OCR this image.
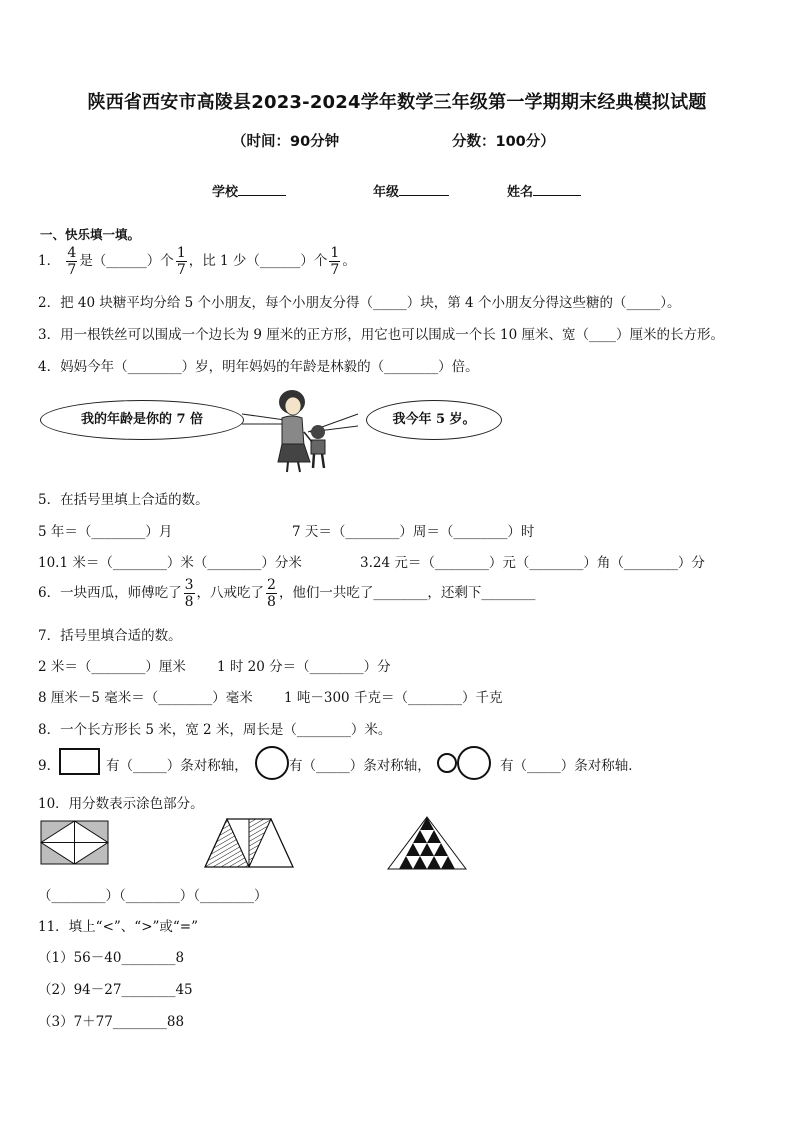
陕西省西安市高陵县2023-2024学年数学三年级第一学期期末经典模拟试题
（时间：90分钟	分数：100分）
学校	年级	姓名
一、快乐填一填。
1． $\frac{4}{7}$ 是（______）个 $\frac{1}{7}$ ，比 1 少（______）个 $\frac{1}{7}$ 。
2．把 40 块糖平均分给 5 个小朋友，每个小朋友分得（_____）块，第 4 个小朋友分得这些糖的（_____）。
3．用一根铁丝可以围成一个边长为 9 厘米的正方形，用它也可以围成一个长 10 厘米、宽（____）厘米的长方形。
4．妈妈今年（________）岁，明年妈妈的年龄是林毅的（________）倍。
我的年龄是你的 7 倍	我今年 5 岁。
5．在括号里填上合适的数。
5 年＝（________）月	7 天＝（________）周＝（________）时
10.1 米＝（________）米（________）分米	3.24 元＝（________）元（________）角（________）分
6．一块西瓜，师傅吃了 $\frac{3}{8}$ ，八戒吃了 $\frac{2}{8}$ ，他们一共吃了________，还剩下________
7．括号里填合适的数。
2 米＝（________）厘米 1 时 20 分＝（________）分
8 厘米－5 毫米＝（________）毫米 1 吨－300 千克＝（________）千克
8．一个长方形长 5 米，宽 2 米，周长是（________）米。
9．	有（_____）条对称轴，	有（_____）条对称轴，	有（_____）条对称轴．
10．用分数表示涂色部分。
（________）（________）（________）
11．填上“<”、“>”或“=”
（1）56－40________8
（2）94－27________45
（3）7＋77________88
